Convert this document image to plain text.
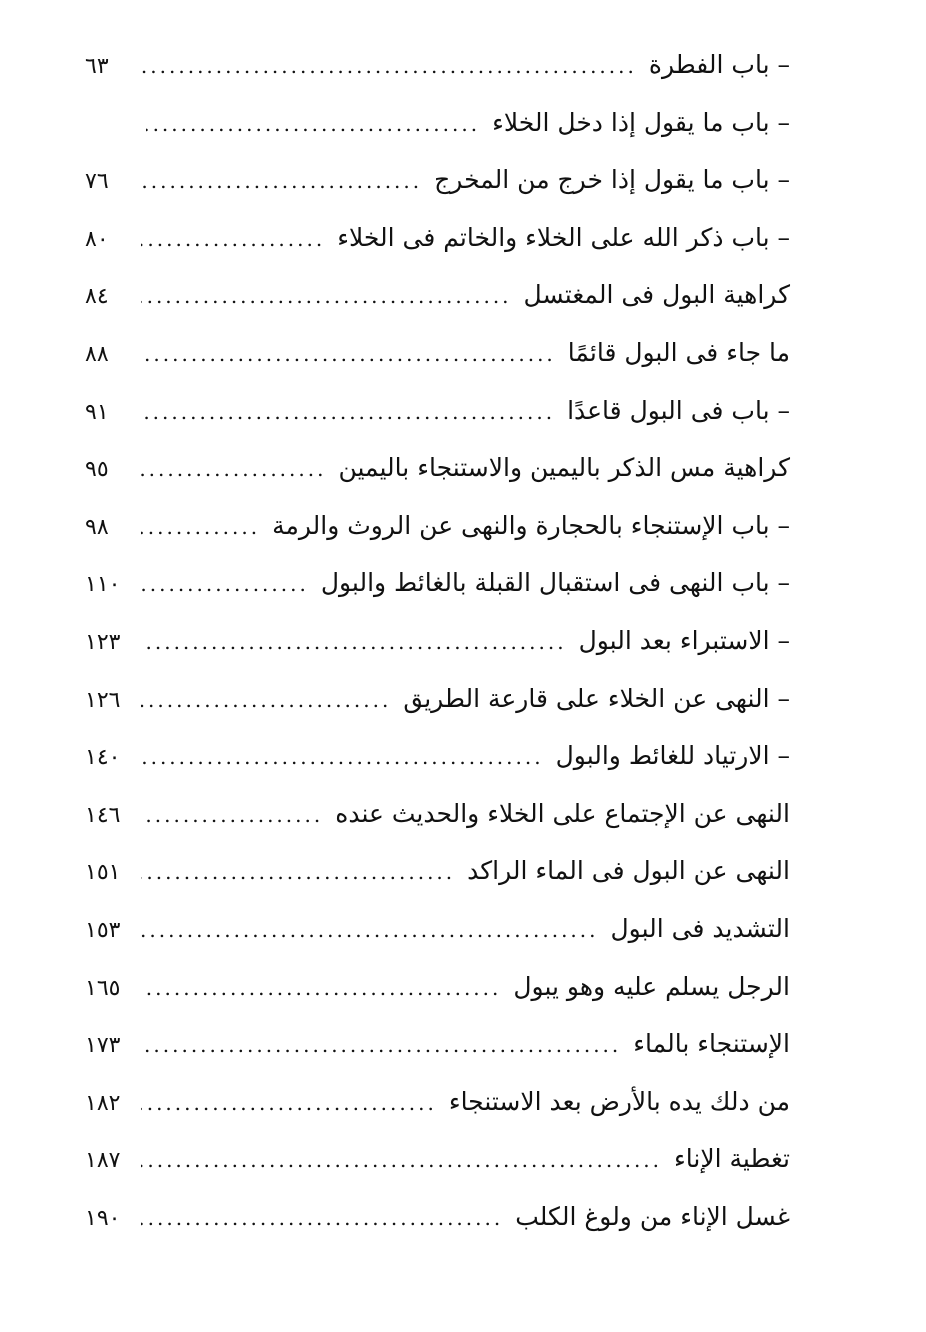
– باب الفطرة
.....
٦٣
– باب ما يقول إذا دخل الخلاء
.....
– باب ما يقول إذا خرج من المخرج
.....
٧٦
– باب ذكر الله على الخلاء والخاتم فى الخلاء
.....
٨٠
كراهية البول فى المغتسل
.....
٨٤
ما جاء فى البول قائمًا
.....
٨٨
– باب فى البول قاعدًا
.....
٩١
كراهية مس الذكر باليمين والاستنجاء باليمين
.....
٩٥
– باب الإستنجاء بالحجارة والنهى عن الروث والرمة
.....
٩٨
– باب النهى فى استقبال القبلة بالغائط والبول
.....
١١٠
– الاستبراء بعد البول
.....
١٢٣
– النهى عن الخلاء على قارعة الطريق
.....
١٢٦
– الارتياد للغائط والبول
.....
١٤٠
النهى عن الإجتماع على الخلاء والحديث عنده
.....
١٤٦
النهى عن البول فى الماء الراكد
.....
١٥١
التشديد فى البول
.....
١٥٣
الرجل يسلم عليه وهو يبول
.....
١٦٥
الإستنجاء بالماء
.....
١٧٣
من دلك يده بالأرض بعد الاستنجاء
.....
١٨٢
تغطية الإناء
.....
١٨٧
غسل الإناء من ولوغ الكلب
.....
١٩٠
